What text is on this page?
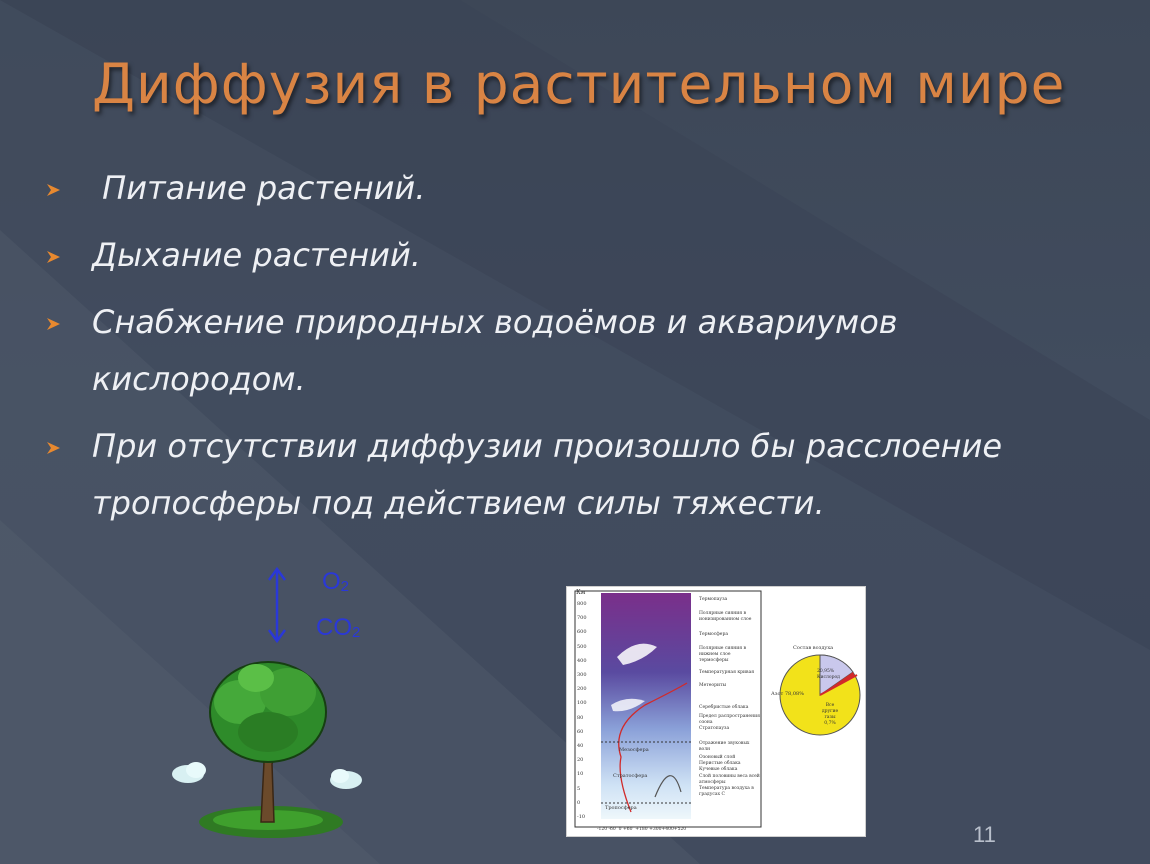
Диффузия в растительном мире
Питание растений.
Дыхание растений.
Снабжение природных водоёмов и аквариумов кислородом.
При отсутствии диффузии произошло бы расслоение тропосферы под действием силы тяжести.
$O_2$
$CO_2$
Км
800
700
600
500
400
300
200
100
80
60
40
20
10
5
0
-10
Мезосфера
Стратосфера
Тропосфера
Термопауза
Полярные сияния в ионизированном слое
Термосфера
Полярные сияния в нижнем слое термосферы
Температурная кривая
Метеориты
Серебристые облака
Предел распространения озона
Стратопауза
Отражение звуковых волн
Озоновый слой
Перистые облака
Кучевые облака
Слой половины веса всей атмосферы
Температура воздуха в градусах С
-120 -60  0 +60  +180 +300+400+520
Состав воздуха
Азот 78,08%
20,95% Кислород
Все другие газы 0,7%
11
